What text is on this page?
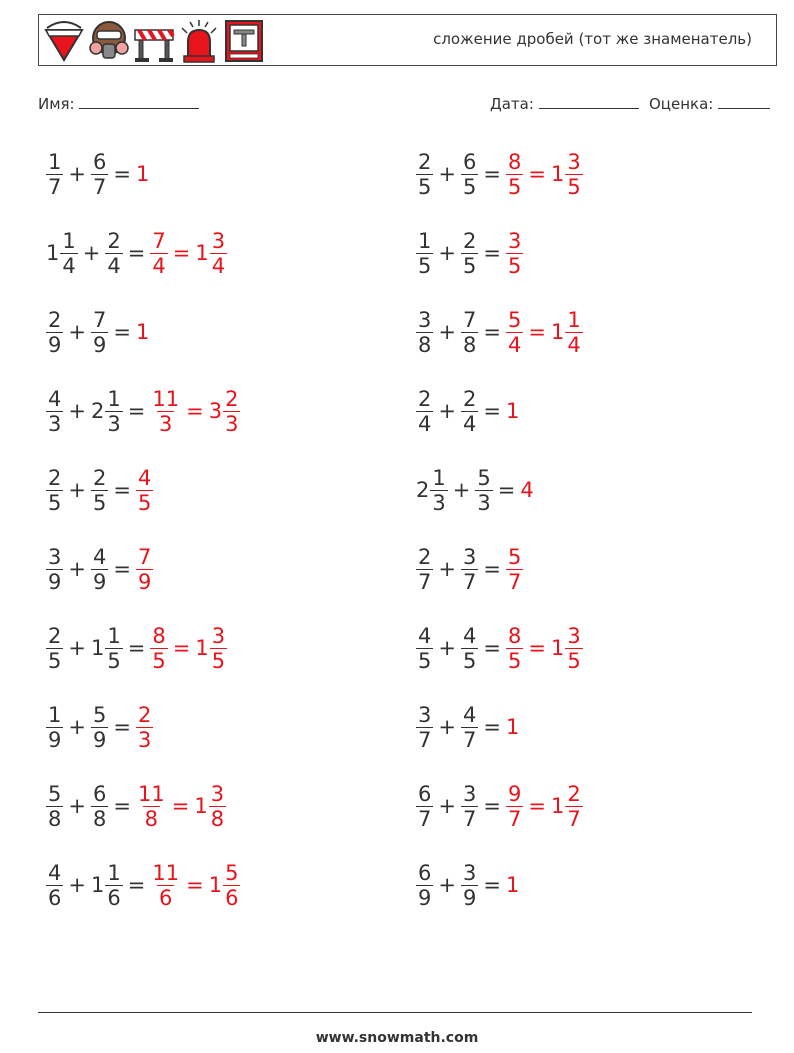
сложение дробей (тот же знаменатель)
Имя:	Дата:	Оценка:
$\frac{1}{7} + \frac{6}{7} = 1$	$\frac{2}{5} + \frac{6}{5} = \frac{8}{5} = 1 \frac{3}{5}$
$1 \frac{1}{4} + \frac{2}{4} = \frac{7}{4} = 1 \frac{3}{4}$	$\frac{1}{5} + \frac{2}{5} = \frac{3}{5}$
$\frac{2}{9} + \frac{7}{9} = 1$	$\frac{3}{8} + \frac{7}{8} = \frac{5}{4} = 1 \frac{1}{4}$
$\frac{4}{3} + 2 \frac{1}{3} = \frac{11}{3} = 3 \frac{2}{3}$	$\frac{2}{4} + \frac{2}{4} = 1$
$\frac{2}{5} + \frac{2}{5} = \frac{4}{5}$	$2 \frac{1}{3} + \frac{5}{3} = 4$
$\frac{3}{9} + \frac{4}{9} = \frac{7}{9}$	$\frac{2}{7} + \frac{3}{7} = \frac{5}{7}$
$\frac{2}{5} + 1 \frac{1}{5} = \frac{8}{5} = 1 \frac{3}{5}$	$\frac{4}{5} + \frac{4}{5} = \frac{8}{5} = 1 \frac{3}{5}$
$\frac{1}{9} + \frac{5}{9} = \frac{2}{3}$	$\frac{3}{7} + \frac{4}{7} = 1$
$\frac{5}{8} + \frac{6}{8} = \frac{11}{8} = 1 \frac{3}{8}$	$\frac{6}{7} + \frac{3}{7} = \frac{9}{7} = 1 \frac{2}{7}$
$\frac{4}{6} + 1 \frac{1}{6} = \frac{11}{6} = 1 \frac{5}{6}$	$\frac{6}{9} + \frac{3}{9} = 1$
www.snowmath.com
